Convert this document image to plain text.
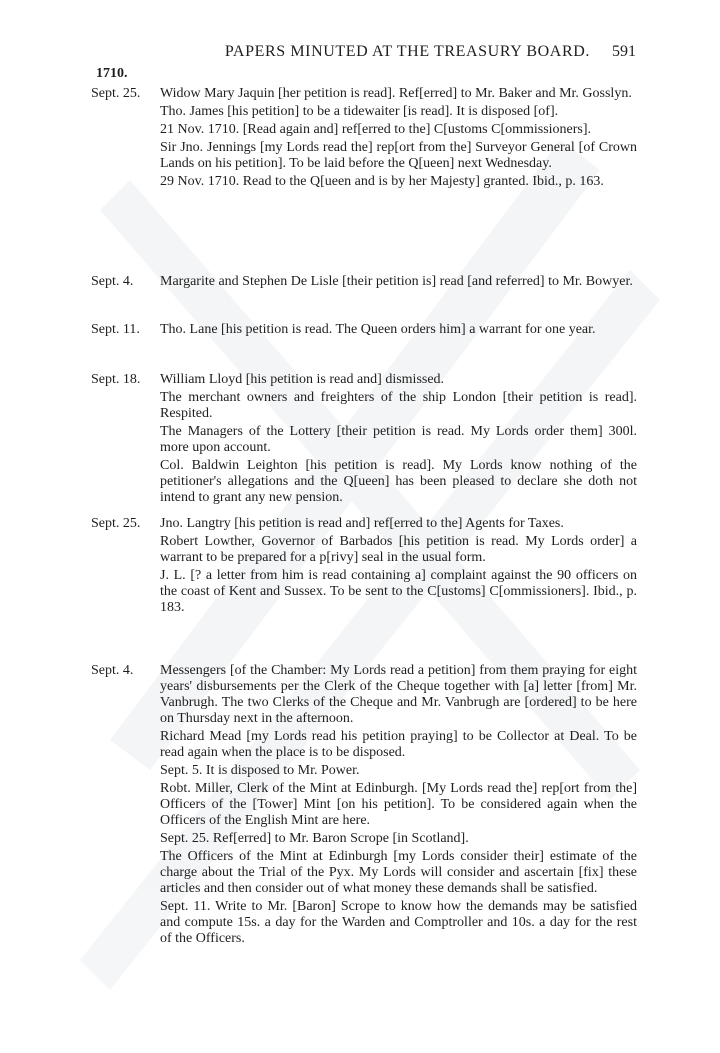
PAPERS MINUTED AT THE TREASURY BOARD.	591
1710.
Sept. 25.	Widow Mary Jaquin [her petition is read]. Ref[erred] to Mr. Baker and Mr. Gosslyn.

Tho. James [his petition] to be a tidewaiter [is read]. It is disposed [of].

21 Nov. 1710. [Read again and] ref[erred to the] C[ustoms C[ommissioners].

Sir Jno. Jennings [my Lords read the] rep[ort from the] Surveyor General [of Crown Lands on his petition]. To be laid before the Q[ueen] next Wednesday.

29 Nov. 1710. Read to the Q[ueen and is by her Majesty] granted. Ibid., p. 163.

Sept. 4.	Margarite and Stephen De Lisle [their petition is] read [and referred] to Mr. Bowyer.

Sept. 11.	Tho. Lane [his petition is read. The Queen orders him] a warrant for one year.

Sept. 18.	William Lloyd [his petition is read and] dismissed.

The merchant owners and freighters of the ship London [their petition is read]. Respited.

The Managers of the Lottery [their petition is read. My Lords order them] 300l. more upon account.

Col. Baldwin Leighton [his petition is read]. My Lords know nothing of the petitioner's allegations and the Q[ueen] has been pleased to declare she doth not intend to grant any new pension.

Sept. 25.	Jno. Langtry [his petition is read and] ref[erred to the] Agents for Taxes.

Robert Lowther, Governor of Barbados [his petition is read. My Lords order] a warrant to be prepared for a p[rivy] seal in the usual form.

J. L. [? a letter from him is read containing a] complaint against the 90 officers on the coast of Kent and Sussex. To be sent to the C[ustoms] C[ommissioners]. Ibid., p. 183.

Sept. 4.	Messengers [of the Chamber: My Lords read a petition] from them praying for eight years' disbursements per the Clerk of the Cheque together with [a] letter [from] Mr. Vanbrugh. The two Clerks of the Cheque and Mr. Vanbrugh are [ordered] to be here on Thursday next in the afternoon.

Richard Mead [my Lords read his petition praying] to be Collector at Deal. To be read again when the place is to be disposed.

Sept. 5. It is disposed to Mr. Power.

Robt. Miller, Clerk of the Mint at Edinburgh. [My Lords read the] rep[ort from the] Officers of the [Tower] Mint [on his petition]. To be considered again when the Officers of the English Mint are here.

Sept. 25. Ref[erred] to Mr. Baron Scrope [in Scotland].

The Officers of the Mint at Edinburgh [my Lords consider their] estimate of the charge about the Trial of the Pyx. My Lords will consider and ascertain [fix] these articles and then consider out of what money these demands shall be satisfied.

Sept. 11. Write to Mr. [Baron] Scrope to know how the demands may be satisfied and compute 15s. a day for the Warden and Comptroller and 10s. a day for the rest of the Officers.
